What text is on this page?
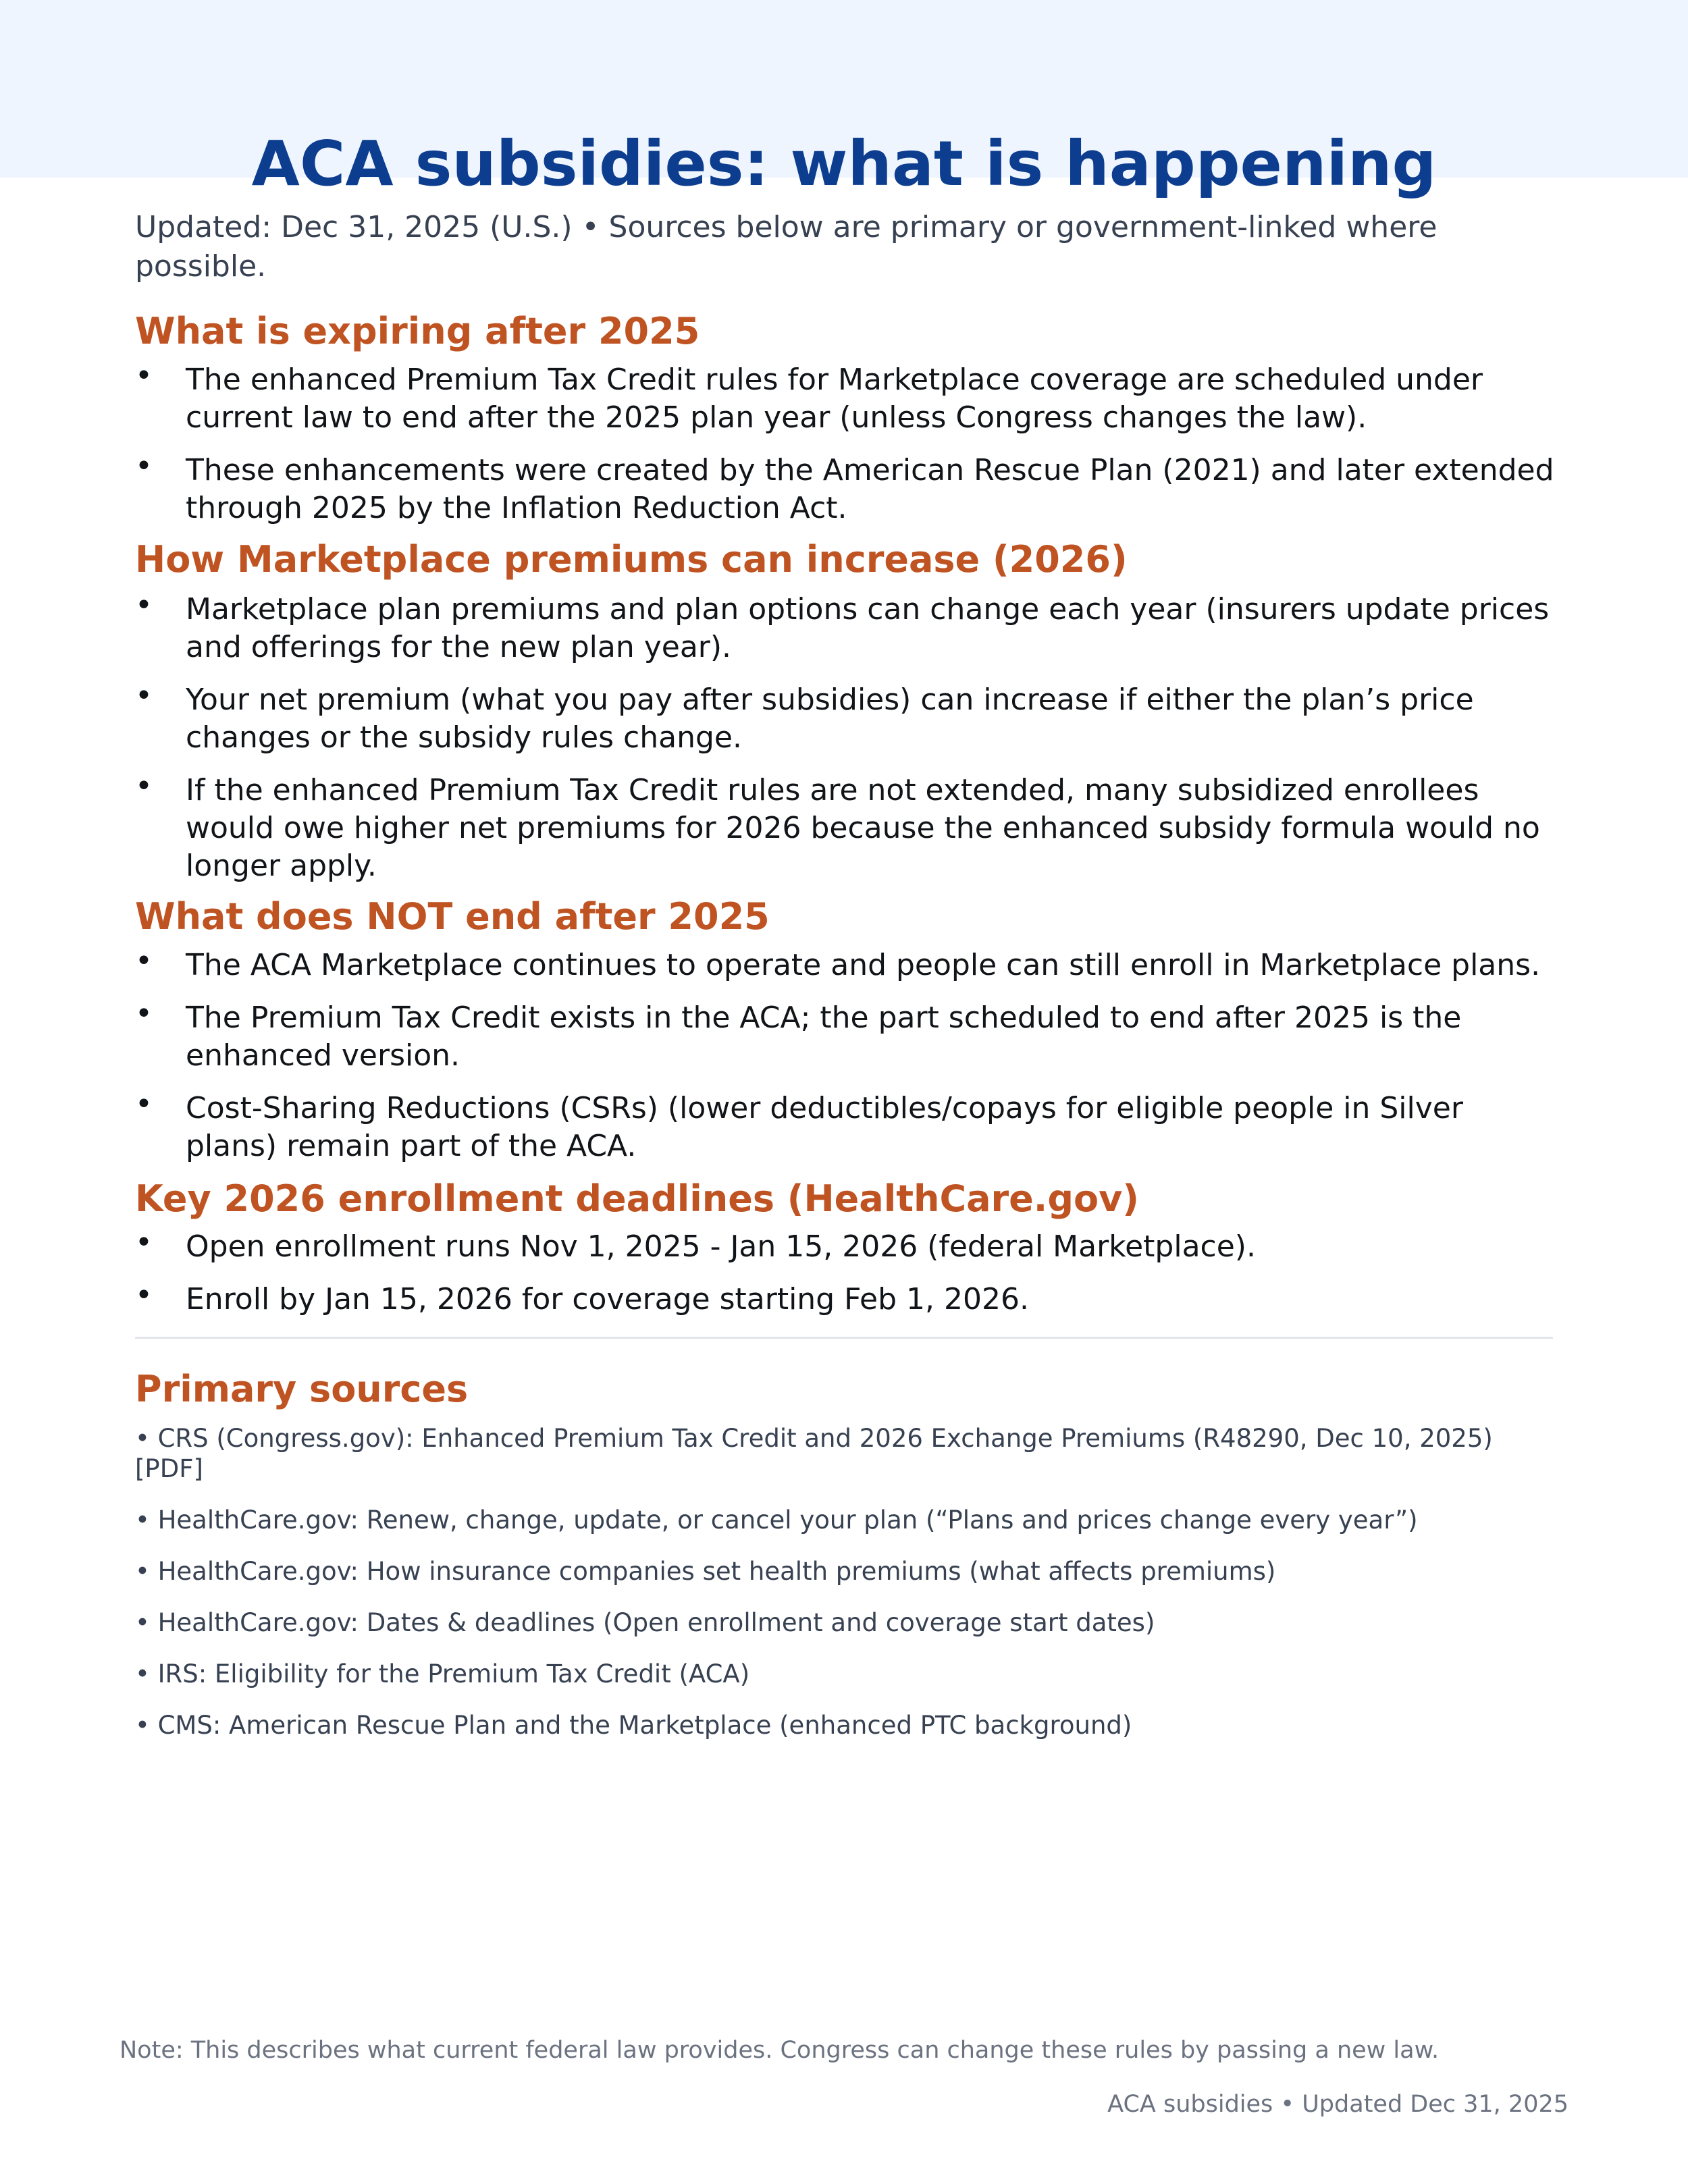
ACA subsidies: what is happening

Updated: Dec 31, 2025 (U.S.) • Sources below are primary or government-linked where possible.

What is expiring after 2025
• The enhanced Premium Tax Credit rules for Marketplace coverage are scheduled under current law to end after the 2025 plan year (unless Congress changes the law).
• These enhancements were created by the American Rescue Plan (2021) and later extended through 2025 by the Inflation Reduction Act.
How Marketplace premiums can increase (2026)
• Marketplace plan premiums and plan options can change each year (insurers update prices and offerings for the new plan year).
• Your net premium (what you pay after subsidies) can increase if either the plan’s price changes or the subsidy rules change.
• If the enhanced Premium Tax Credit rules are not extended, many subsidized enrollees would owe higher net premiums for 2026 because the enhanced subsidy formula would no longer apply.
What does NOT end after 2025
• The ACA Marketplace continues to operate and people can still enroll in Marketplace plans.
• The Premium Tax Credit exists in the ACA; the part scheduled to end after 2025 is the enhanced version.
• Cost-Sharing Reductions (CSRs) (lower deductibles/copays for eligible people in Silver plans) remain part of the ACA.
Key 2026 enrollment deadlines (HealthCare.gov)
• Open enrollment runs Nov 1, 2025 - Jan 15, 2026 (federal Marketplace).
• Enroll by Jan 15, 2026 for coverage starting Feb 1, 2026.
Primary sources
• CRS (Congress.gov): Enhanced Premium Tax Credit and 2026 Exchange Premiums (R48290, Dec 10, 2025) [PDF]
• HealthCare.gov: Renew, change, update, or cancel your plan (“Plans and prices change every year”)
• HealthCare.gov: How insurance companies set health premiums (what affects premiums)
• HealthCare.gov: Dates & deadlines (Open enrollment and coverage start dates)
• IRS: Eligibility for the Premium Tax Credit (ACA)
• CMS: American Rescue Plan and the Marketplace (enhanced PTC background)

Note: This describes what current federal law provides. Congress can change these rules by passing a new law.

ACA subsidies • Updated Dec 31, 2025
